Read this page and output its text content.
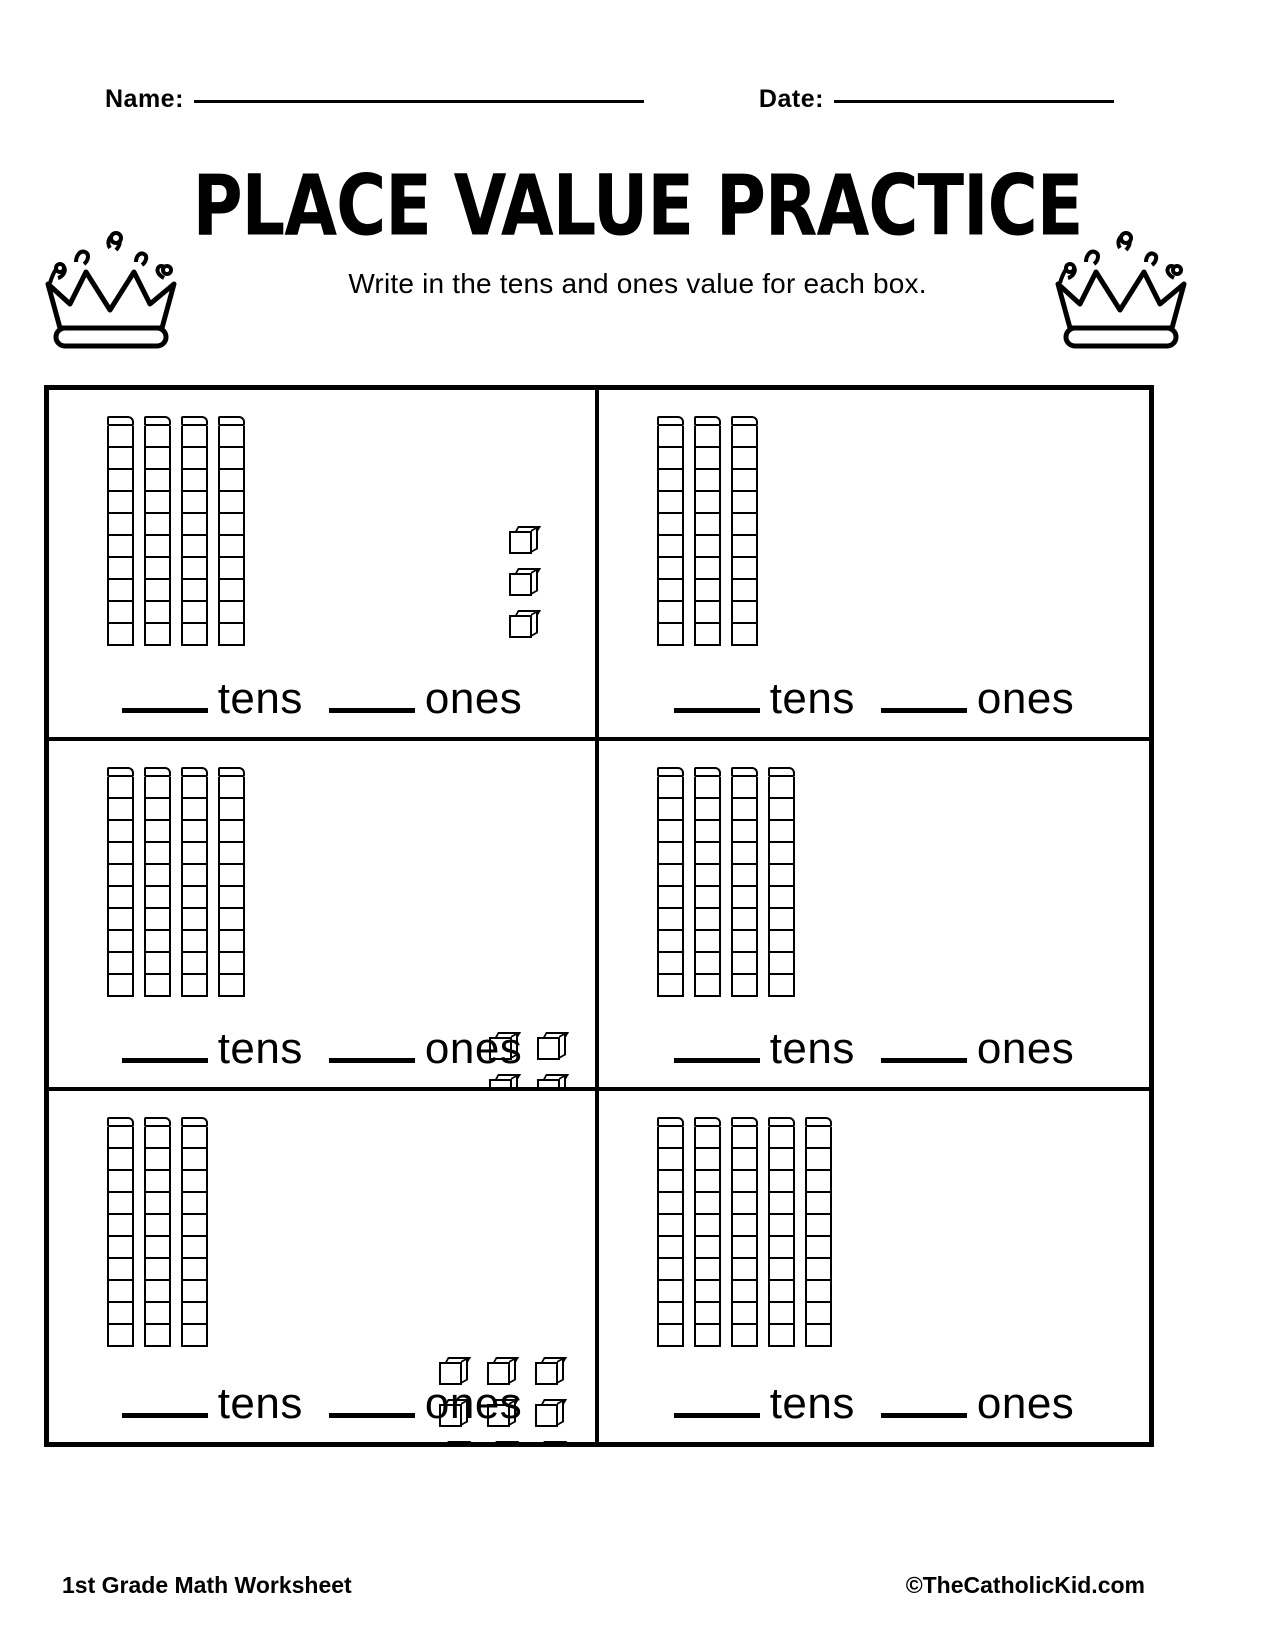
Name:	Date:
PLACE VALUE PRACTICE
Write in the tens and ones value for each box.
tens	ones	tens	ones
tens	ones	tens	ones
tens	ones	tens	ones
1st Grade Math Worksheet	©TheCatholicKid.com
